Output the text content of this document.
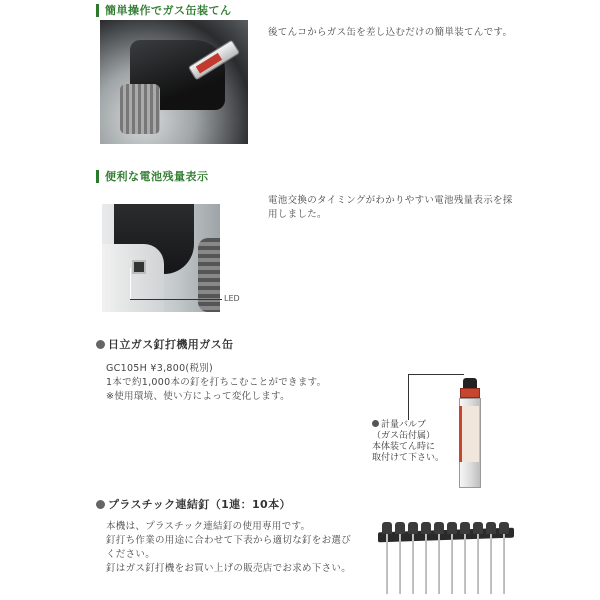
簡単操作でガス缶装てん
後てんコからガス缶を差し込むだけの簡単装てんです。
便利な電池残量表示
LED
電池交換のタイミングがわかりやすい電池残量表示を採
用しました。
日立ガス釘打機用ガス缶
GC105H ¥3,800(税別)
1本で約1,000本の釘を打ちこむことができます。
※使用環境、使い方によって変化します。
計量バルブ
（ガス缶付属）
本体装てん時に
取付けて下さい。
プラスチック連結釘（1連：10本）
本機は、プラスチック連結釘の使用専用です。
釘打ち作業の用途に合わせて下表から適切な釘をお選び
ください。
釘はガス釘打機をお買い上げの販売店でお求め下さい。
